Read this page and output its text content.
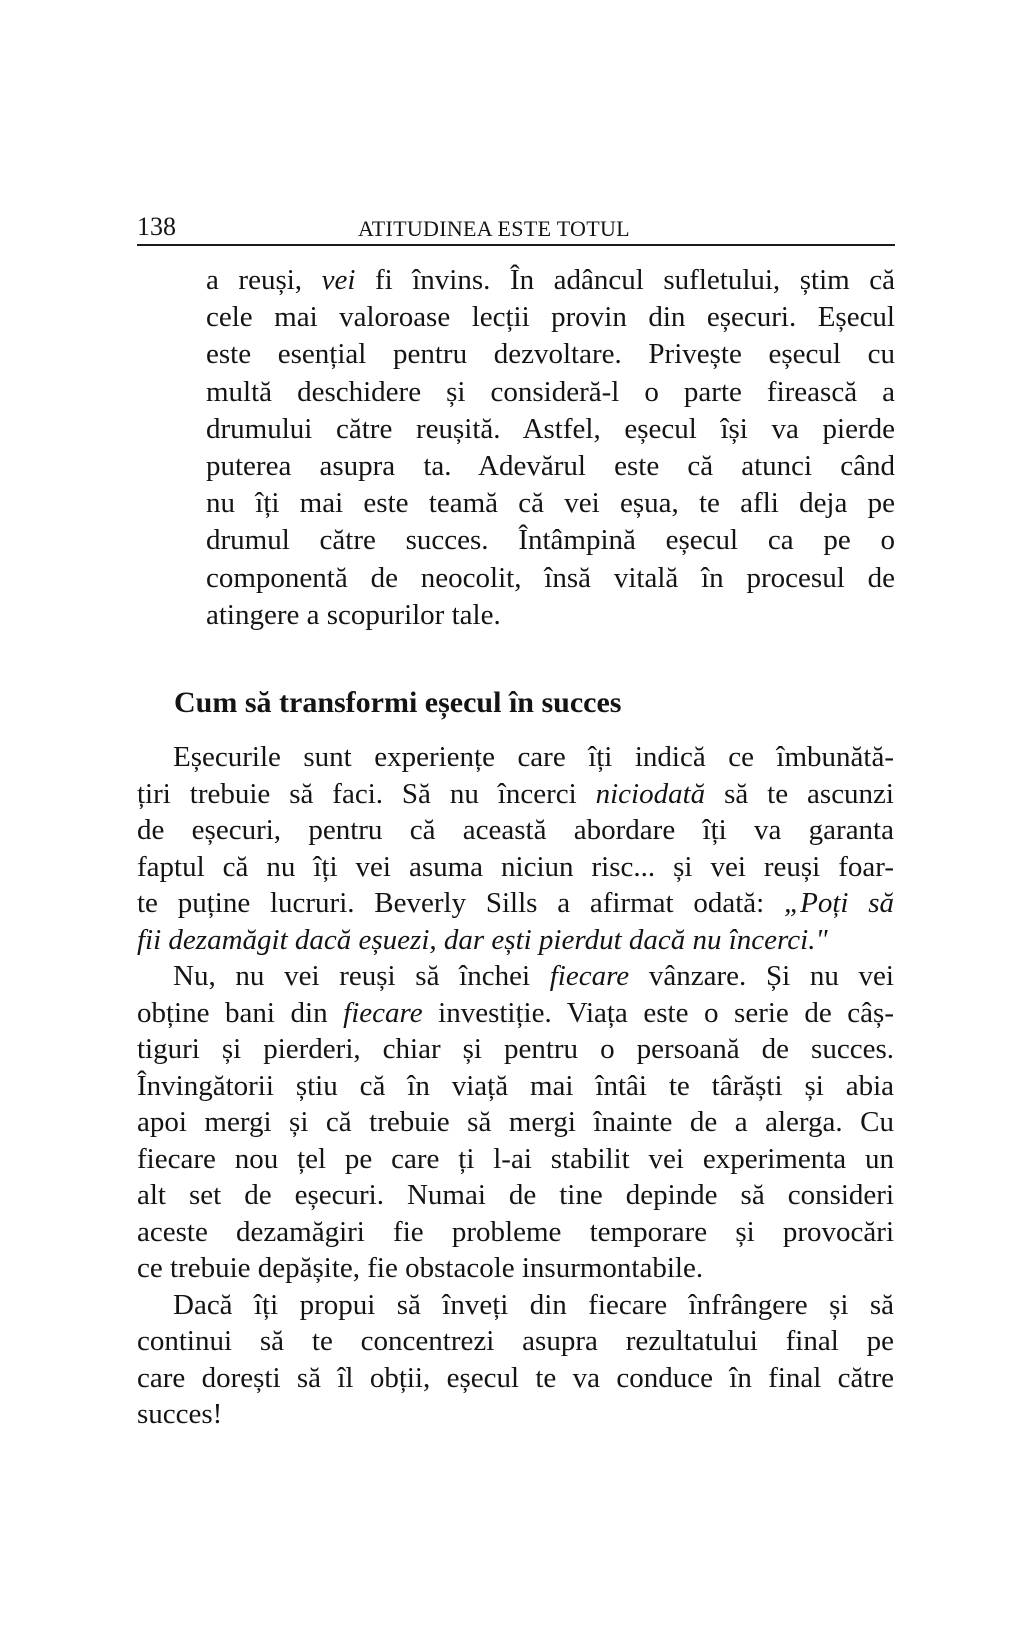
138	ATITUDINEA ESTE TOTUL
a reuși, vei fi învins. În adâncul sufletului, știm că
cele mai valoroase lecții provin din eșecuri. Eșecul
este esențial pentru dezvoltare. Privește eșecul cu
multă deschidere și consideră-l o parte firească a
drumului către reușită. Astfel, eșecul își va pierde
puterea asupra ta. Adevărul este că atunci când
nu îți mai este teamă că vei eșua, te afli deja pe
drumul către succes. Întâmpină eșecul ca pe o
componentă de neocolit, însă vitală în procesul de
atingere a scopurilor tale.
Cum să transformi eșecul în succes
Eșecurile sunt experiențe care îți indică ce îmbunătă-
țiri trebuie să faci. Să nu încerci niciodată să te ascunzi
de eșecuri, pentru că această abordare îți va garanta
faptul că nu îți vei asuma niciun risc... și vei reuși foar-
te puține lucruri. Beverly Sills a afirmat odată: „Poți să
fii dezamăgit dacă eșuezi, dar ești pierdut dacă nu încerci."
Nu, nu vei reuși să închei fiecare vânzare. Și nu vei
obține bani din fiecare investiție. Viața este o serie de câș-
tiguri și pierderi, chiar și pentru o persoană de succes.
Învingătorii știu că în viață mai întâi te târăști și abia
apoi mergi și că trebuie să mergi înainte de a alerga. Cu
fiecare nou țel pe care ți l-ai stabilit vei experimenta un
alt set de eșecuri. Numai de tine depinde să consideri
aceste dezamăgiri fie probleme temporare și provocări
ce trebuie depășite, fie obstacole insurmontabile.
Dacă îți propui să înveți din fiecare înfrângere și să
continui să te concentrezi asupra rezultatului final pe
care dorești să îl obții, eșecul te va conduce în final către
succes!
